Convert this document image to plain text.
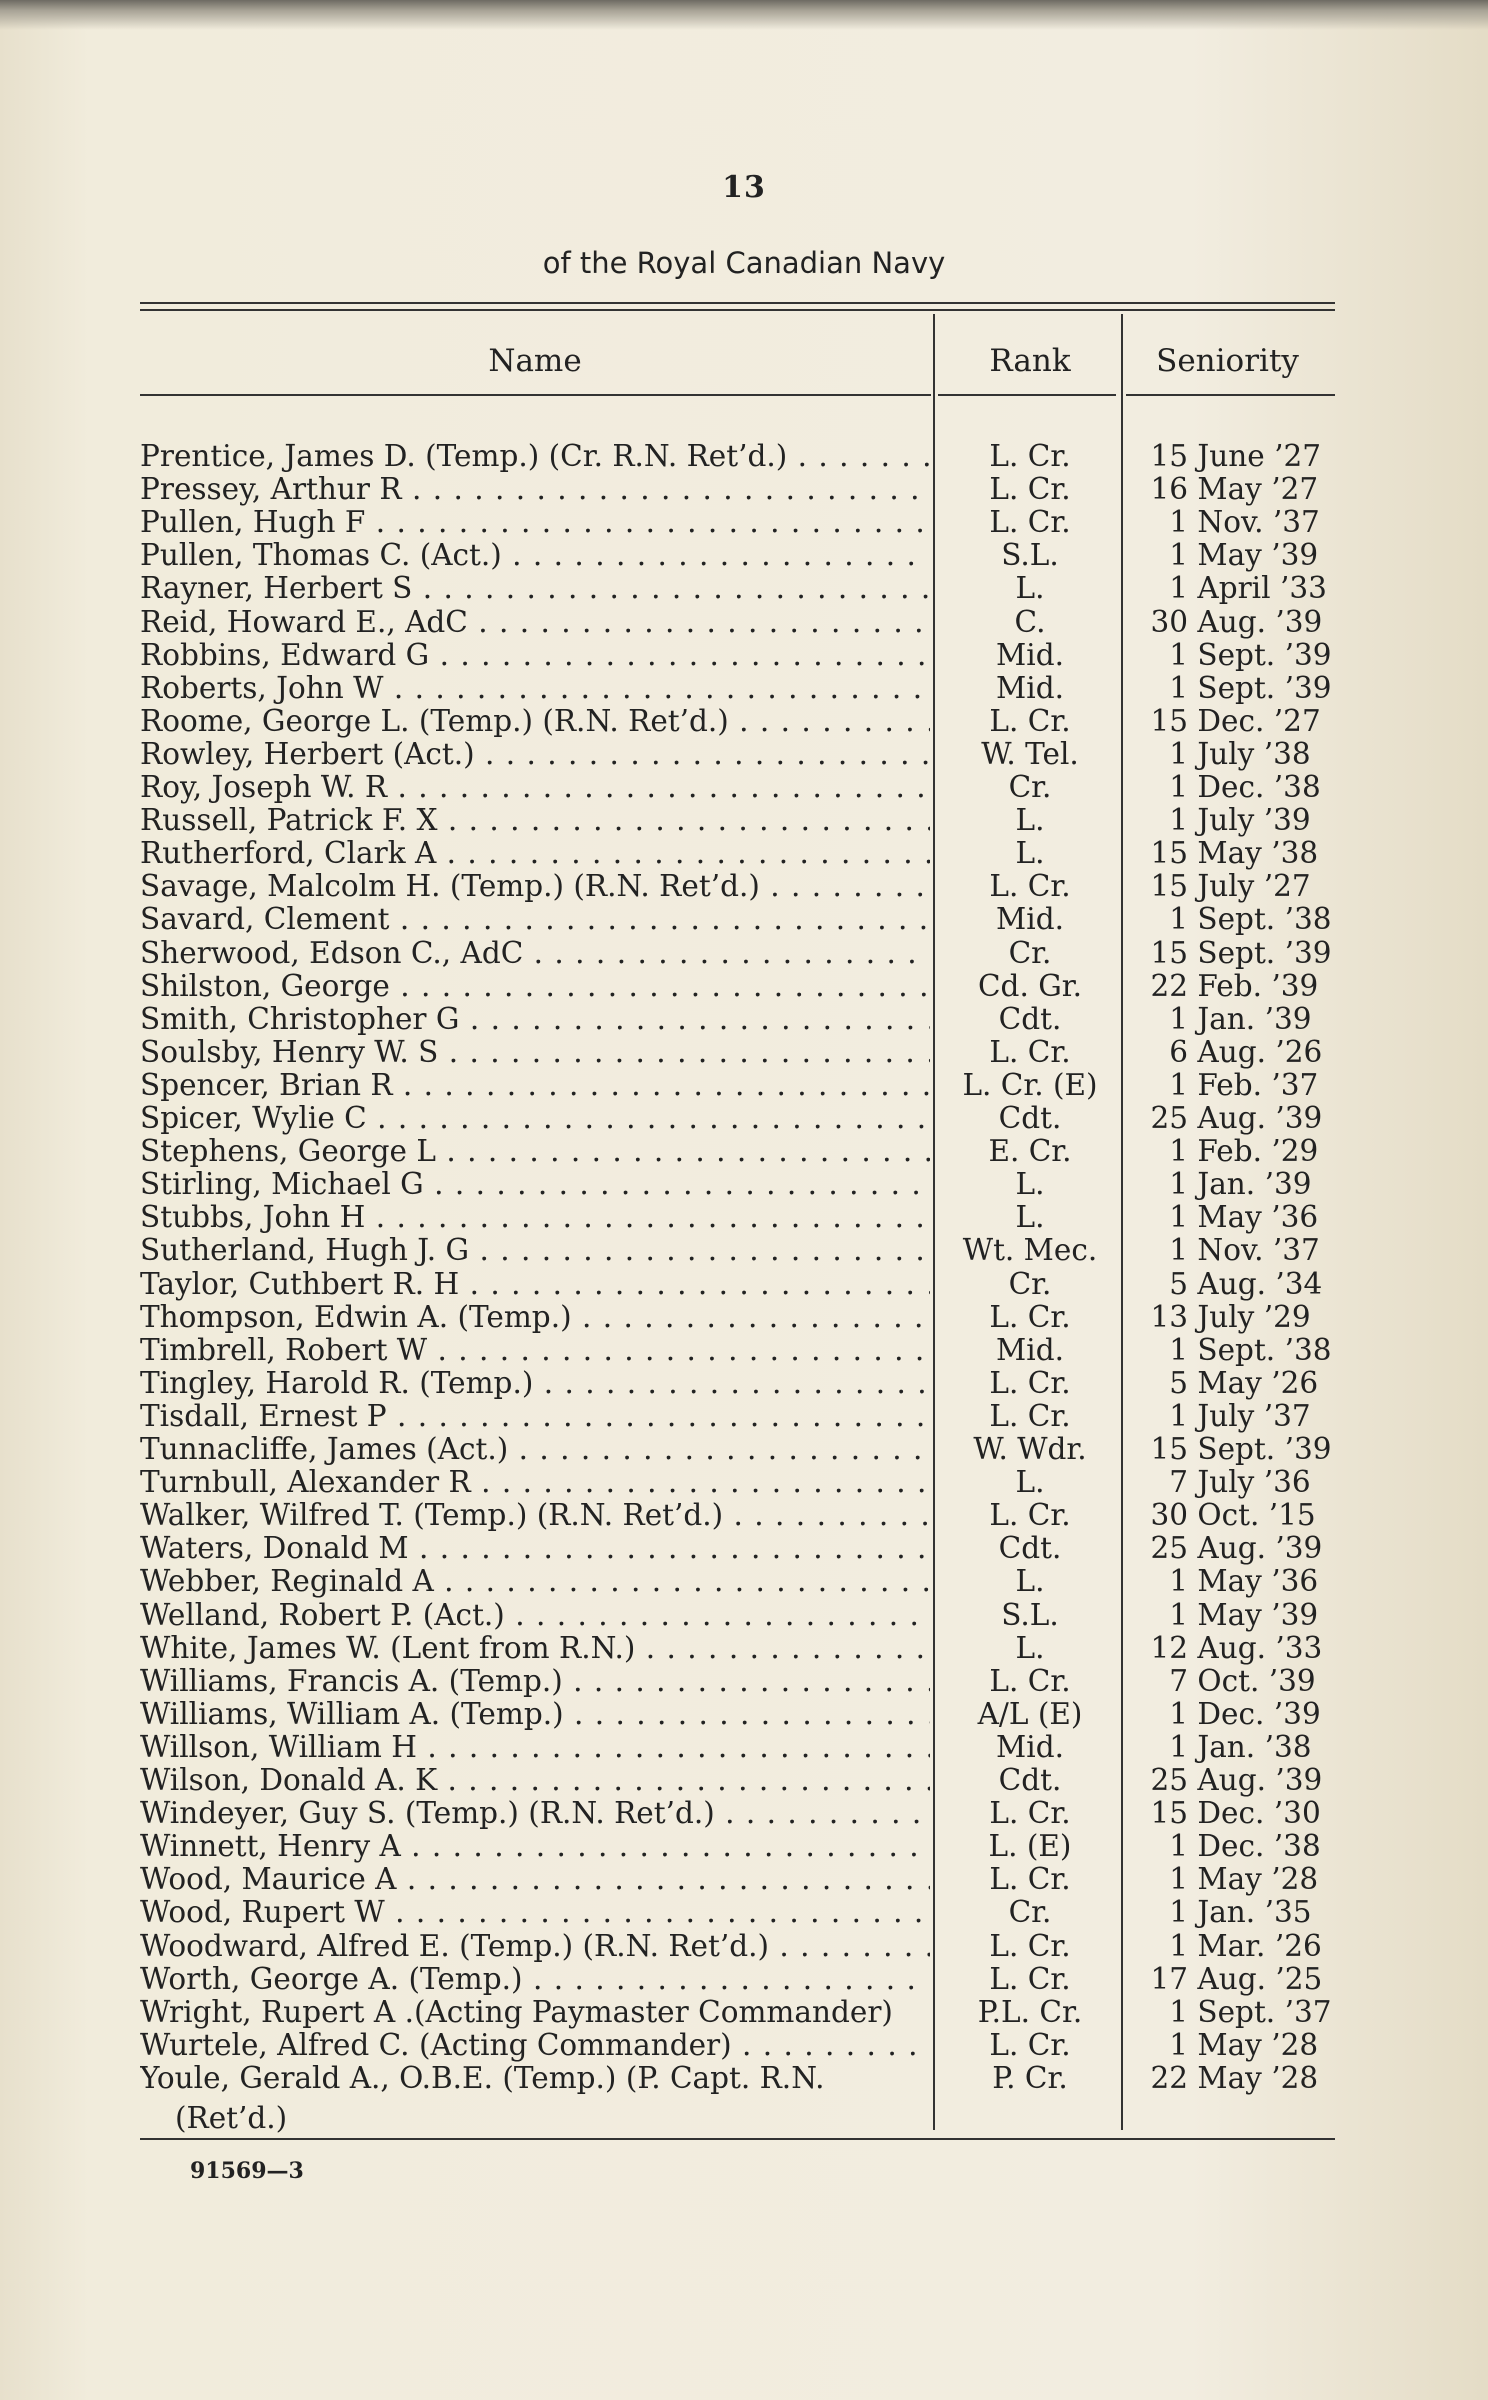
13
of the Royal Canadian Navy
Name	Rank	Seniority
Prentice, James D. (Temp.) (Cr. R.N. Ret’d.) . . .	L. Cr.	15 June ’27
Pressey, Arthur R . . .	L. Cr.	16 May ’27
Pullen, Hugh F . . .	L. Cr.	1 Nov. ’37
Pullen, Thomas C. (Act.) . . .	S.L.	1 May ’39
Rayner, Herbert S . . .	L.	1 April ’33
Reid, Howard E., AdC . . .	C.	30 Aug. ’39
Robbins, Edward G . . .	Mid.	1 Sept. ’39
Roberts, John W . . .	Mid.	1 Sept. ’39
Roome, George L. (Temp.) (R.N. Ret’d.) . . .	L. Cr.	15 Dec. ’27
Rowley, Herbert (Act.) . . .	W. Tel.	1 July ’38
Roy, Joseph W. R . . .	Cr.	1 Dec. ’38
Russell, Patrick F. X . . .	L.	1 July ’39
Rutherford, Clark A . . .	L.	15 May ’38
Savage, Malcolm H. (Temp.) (R.N. Ret’d.) . . .	L. Cr.	15 July ’27
Savard, Clement . . .	Mid.	1 Sept. ’38
Sherwood, Edson C., AdC . . .	Cr.	15 Sept. ’39
Shilston, George . . .	Cd. Gr.	22 Feb. ’39
Smith, Christopher G . . .	Cdt.	1 Jan. ’39
Soulsby, Henry W. S . . .	L. Cr.	6 Aug. ’26
Spencer, Brian R . . .	L. Cr. (E)	1 Feb. ’37
Spicer, Wylie C . . .	Cdt.	25 Aug. ’39
Stephens, George L . . .	E. Cr.	1 Feb. ’29
Stirling, Michael G . . .	L.	1 Jan. ’39
Stubbs, John H . . .	L.	1 May ’36
Sutherland, Hugh J. G . . .	Wt. Mec.	1 Nov. ’37
Taylor, Cuthbert R. H . . .	Cr.	5 Aug. ’34
Thompson, Edwin A. (Temp.) . . .	L. Cr.	13 July ’29
Timbrell, Robert W . . .	Mid.	1 Sept. ’38
Tingley, Harold R. (Temp.) . . .	L. Cr.	5 May ’26
Tisdall, Ernest P . . .	L. Cr.	1 July ’37
Tunnacliffe, James (Act.) . . .	W. Wdr.	15 Sept. ’39
Turnbull, Alexander R . . .	L.	7 July ’36
Walker, Wilfred T. (Temp.) (R.N. Ret’d.) . . .	L. Cr.	30 Oct. ’15
Waters, Donald M . . .	Cdt.	25 Aug. ’39
Webber, Reginald A . . .	L.	1 May ’36
Welland, Robert P. (Act.) . . .	S.L.	1 May ’39
White, James W. (Lent from R.N.) . . .	L.	12 Aug. ’33
Williams, Francis A. (Temp.) . . .	L. Cr.	7 Oct. ’39
Williams, William A. (Temp.) . . .	A/L (E)	1 Dec. ’39
Willson, William H . . .	Mid.	1 Jan. ’38
Wilson, Donald A. K . . .	Cdt.	25 Aug. ’39
Windeyer, Guy S. (Temp.) (R.N. Ret’d.) . . .	L. Cr.	15 Dec. ’30
Winnett, Henry A . . .	L. (E)	1 Dec. ’38
Wood, Maurice A . . .	L. Cr.	1 May ’28
Wood, Rupert W . . .	Cr.	1 Jan. ’35
Woodward, Alfred E. (Temp.) (R.N. Ret’d.) . . .	L. Cr.	1 Mar. ’26
Worth, George A. (Temp.) . . .	L. Cr.	17 Aug. ’25
Wright, Rupert A .(Acting Paymaster Commander)	P.L. Cr.	1 Sept. ’37
Wurtele, Alfred C. (Acting Commander) . . .	L. Cr.	1 May ’28
Youle, Gerald A., O.B.E. (Temp.) (P. Capt. R.N.	P. Cr.	22 May ’28
(Ret’d.)
91569—3
